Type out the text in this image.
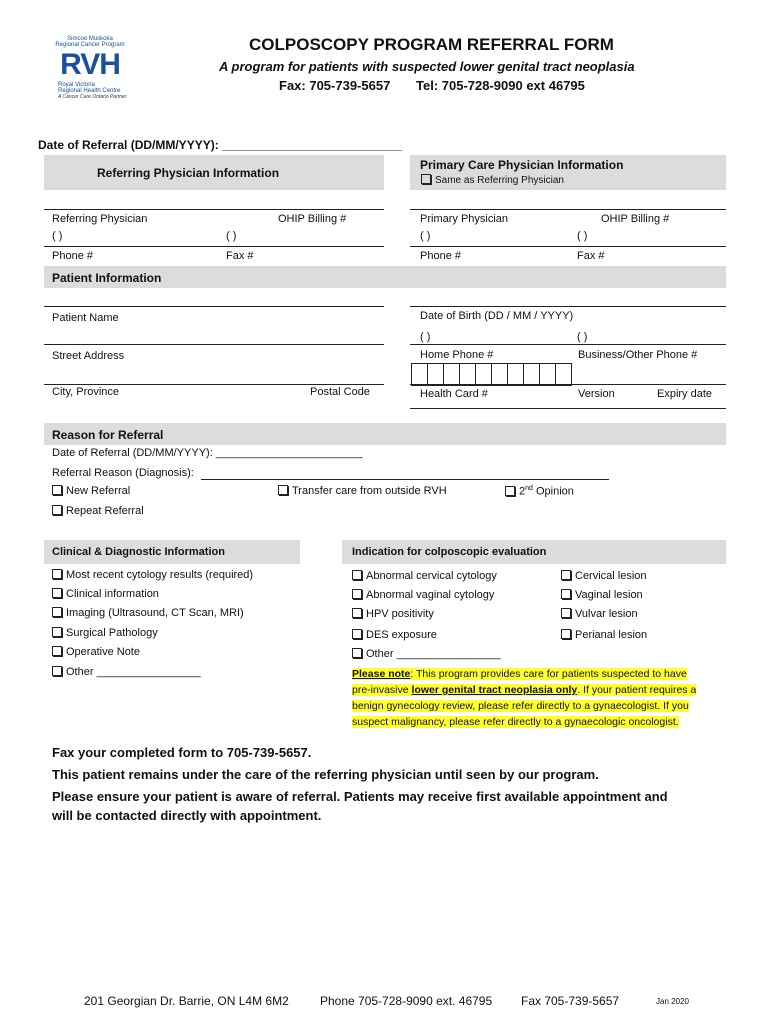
Simcoe Muskoka
Regional Cancer Program
RVH
Royal Victoria
Regional Health Centre
A Cancer Care Ontario Partner
COLPOSCOPY PROGRAM REFERRAL FORM
A program for patients with suspected lower genital tract neoplasia
Fax: 705-739-5657 Tel: 705-728-9090 ext 46795
Date of Referral (DD/MM/YYYY): ___________________________
Referring Physician Information
Primary Care Physician Information
Same as Referring Physician
Referring Physician	OHIP Billing #
( )	( )
Primary Physician	OHIP Billing #
( )	( )
Phone #	Fax #	Phone #	Fax #
Patient Information
Patient Name	Date of Birth (DD / MM / YYYY)
( )	( )
Street Address	Home Phone #	Business/Other Phone #
City, Province	Postal Code	Health Card #	Version	Expiry date
Reason for Referral
Date of Referral (DD/MM/YYYY): ________________________
Referral Reason (Diagnosis):
New Referral	Transfer care from outside RVH	2nd Opinion
Repeat Referral
Clinical & Diagnostic Information	Indication for colposcopic evaluation
Most recent cytology results (required)
Clinical information
Imaging (Ultrasound, CT Scan, MRI)
Surgical Pathology
Operative Note
Other _________________
Abnormal cervical cytology
Abnormal vaginal cytology
HPV positivity
DES exposure
Other _________________
Cervical lesion
Vaginal lesion
Vulvar lesion
Perianal lesion
Please note: This program provides care for patients suspected to have
pre-invasive lower genital tract neoplasia only. If your patient requires a
benign gynecology review, please refer directly to a gynaecologist. If you
suspect malignancy, please refer directly to a gynaecologic oncologist.
Fax your completed form to 705-739-5657.
This patient remains under the care of the referring physician until seen by our program.
Please ensure your patient is aware of referral. Patients may receive first available appointment and
will be contacted directly with appointment.
201 Georgian Dr. Barrie, ON L4M 6M2	Phone 705-728-9090 ext. 46795 Fax 705-739-5657	Jan 2020
